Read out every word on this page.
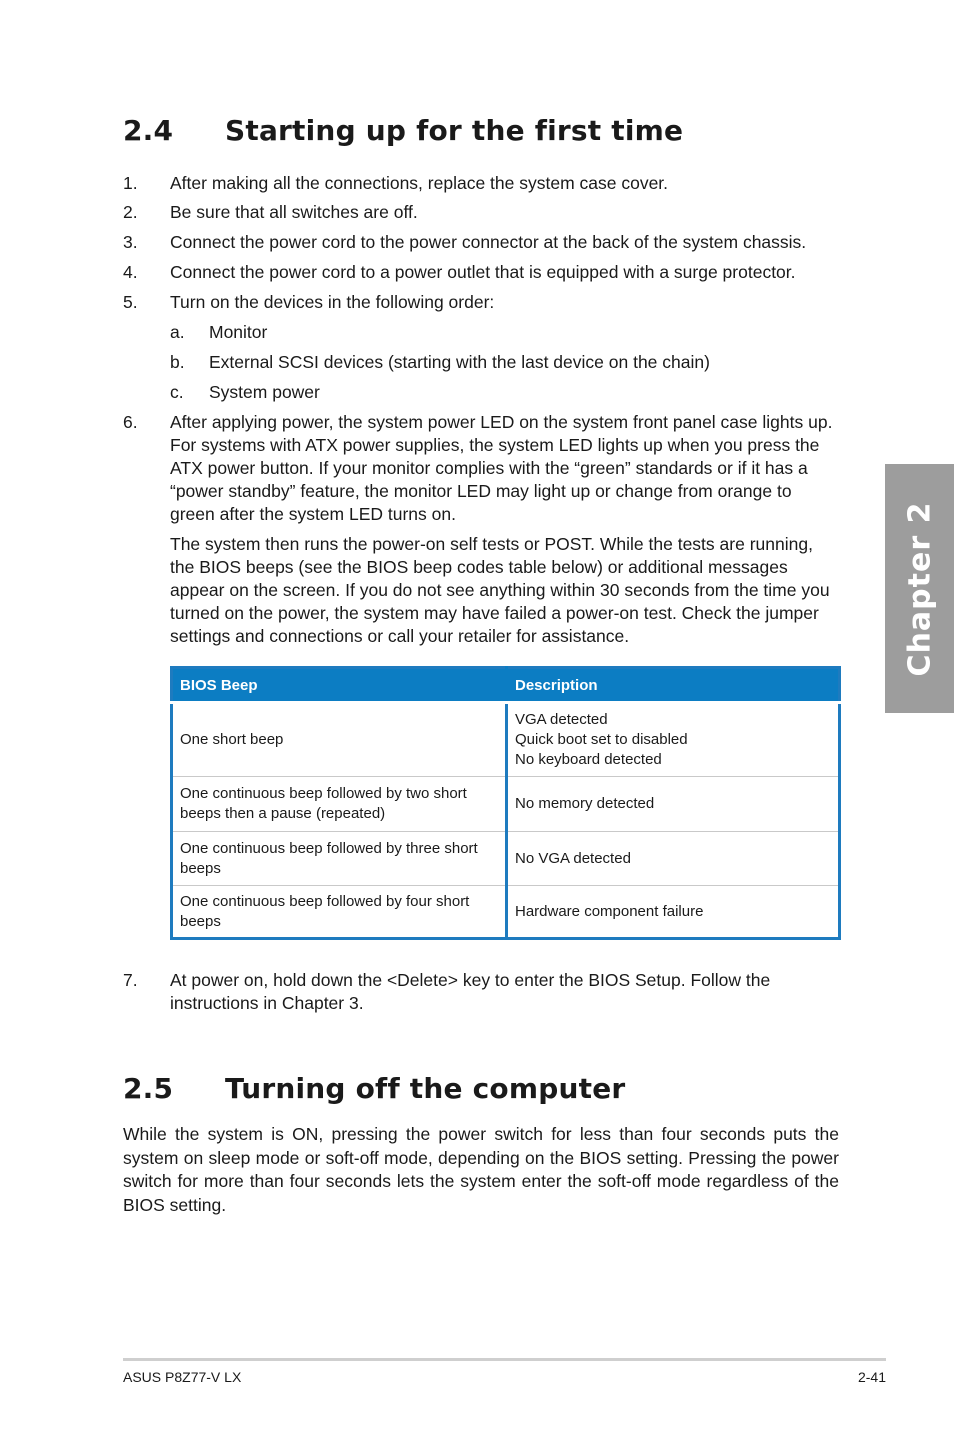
2.4 Starting up for the first time
1. After making all the connections, replace the system case cover.
2. Be sure that all switches are off.
3. Connect the power cord to the power connector at the back of the system chassis.
4. Connect the power cord to a power outlet that is equipped with a surge protector.
5. Turn on the devices in the following order:
a. Monitor
b. External SCSI devices (starting with the last device on the chain)
c. System power
6. After applying power, the system power LED on the system front panel case lights up. For systems with ATX power supplies, the system LED lights up when you press the ATX power button. If your monitor complies with the “green” standards or if it has a “power standby” feature, the monitor LED may light up or change from orange to green after the system LED turns on.

The system then runs the power-on self tests or POST. While the tests are running, the BIOS beeps (see the BIOS beep codes table below) or additional messages appear on the screen. If you do not see anything within 30 seconds from the time you turned on the power, the system may have failed a power-on test. Check the jumper settings and connections or call your retailer for assistance.

BIOS Beep	Description
One short beep	VGA detected
Quick boot set to disabled
No keyboard detected

One continuous beep followed by two short beeps then a pause (repeated)	No memory detected

One continuous beep followed by three short beeps	No VGA detected

One continuous beep followed by four short beeps	Hardware component failure
7. At power on, hold down the <Delete> key to enter the BIOS Setup. Follow the instructions in Chapter 3.
2.5 Turning off the computer

While the system is ON, pressing the power switch for less than four seconds puts the system on sleep mode or soft-off mode, depending on the BIOS setting. Pressing the power switch for more than four seconds lets the system enter the soft-off mode regardless of the BIOS setting.

Chapter 2
ASUS P8Z77-V LX	2-41
